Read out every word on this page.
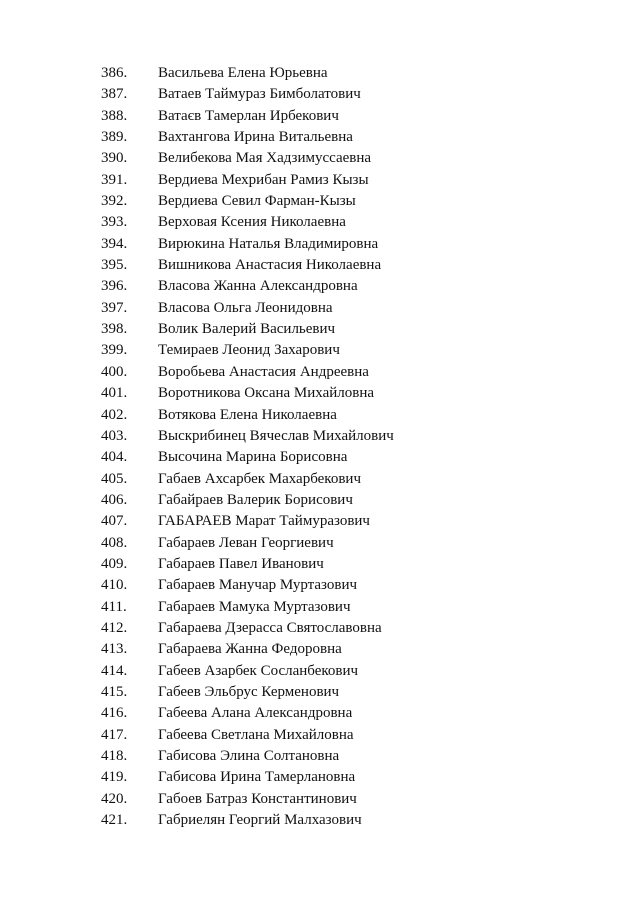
386. Васильева Елена Юрьевна
387. Ватаев Таймураз Бимболатович
388. Ватаєв Тамерлан Ирбекович
389. Вахтангова Ирина Витальевна
390. Велибекова Мая Хадзимуссаевна
391. Вердиева Мехрибан Рамиз Кызы
392. Вердиева Севил Фарман-Кызы
393. Верховая Ксения Николаевна
394. Вирюкина Наталья Владимировна
395. Вишникова Анастасия Николаевна
396. Власова Жанна Александровна
397. Власова Ольга Леонидовна
398. Волик Валерий Васильевич
399. Темираев Леонид Захарович
400. Воробьева Анастасия Андреевна
401. Воротникова Оксана Михайловна
402. Вотякова Елена Николаевна
403. Выскрибинец Вячеслав Михайлович
404. Высочина Марина Борисовна
405. Габаев Ахсарбек Махарбекович
406. Габайраев Валерик Борисович
407. ГАБАРАЕВ Марат Таймуразович
408. Габараев Леван Георгиевич
409. Габараев Павел Иванович
410. Габараев Манучар Муртазович
411. Габараев Мамука Муртазович
412. Габараева Дзерасса Святославовна
413. Габараева Жанна Федоровна
414. Габеев Азарбек Сосланбекович
415. Габеев Эльбрус Керменович
416. Габеева Алана Александровна
417. Габеева Светлана Михайловна
418. Габисова Элина Солтановна
419. Габисова Ирина Тамерлановна
420. Габоев Батраз Константинович
421. Габриелян Георгий Малхазович
